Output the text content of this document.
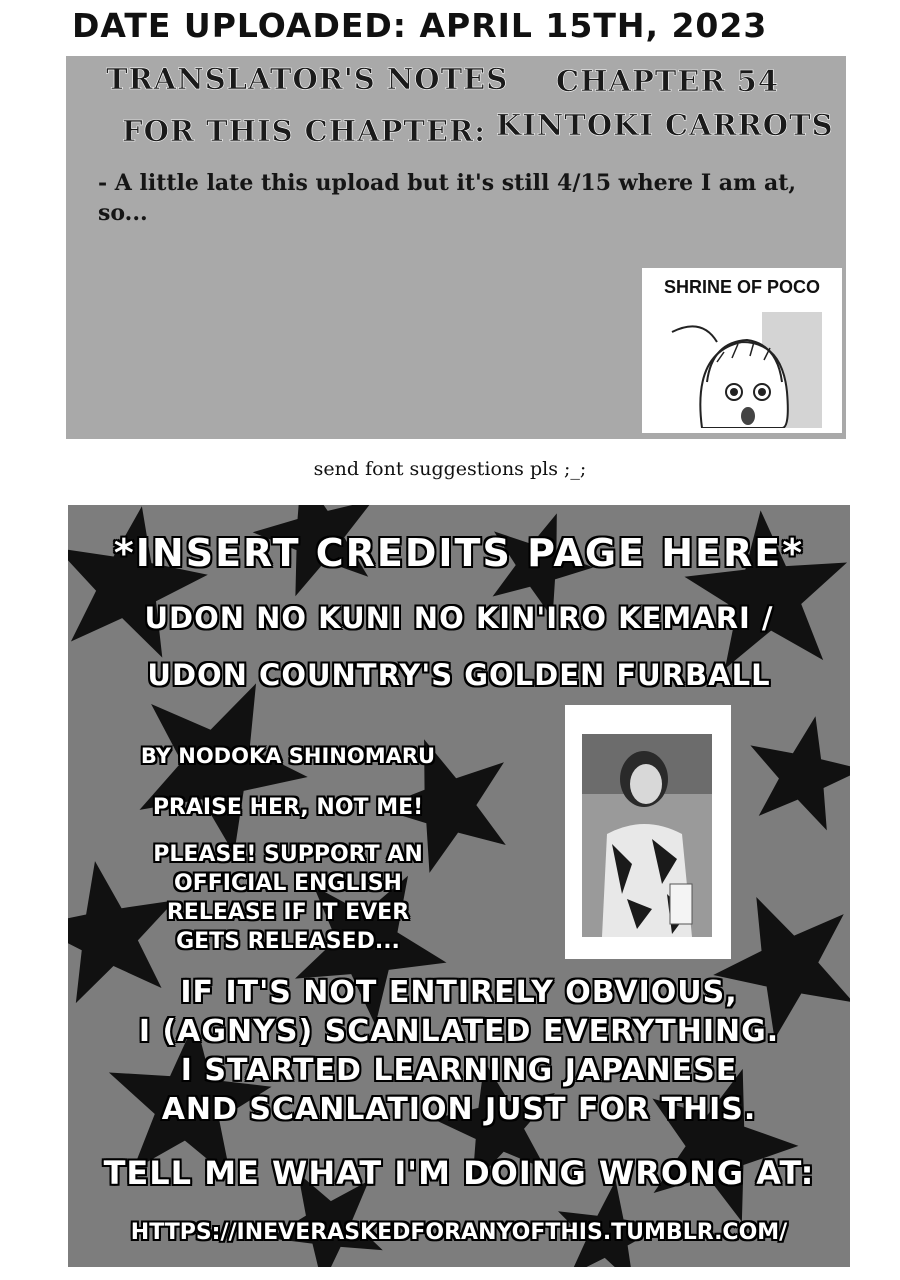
DATE UPLOADED: APRIL 15TH, 2023
TRANSLATOR'S NOTES
FOR THIS CHAPTER:
CHAPTER 54
KINTOKI CARROTS
- A little late this upload but it's still 4/15 where I am at, so...
SHRINE OF POCO
send font suggestions pls ;_;
*INSERT CREDITS PAGE HERE*
UDON NO KUNI NO KIN'IRO KEMARI /
UDON COUNTRY'S GOLDEN FURBALL
BY NODOKA SHINOMARU
PRAISE HER, NOT ME!
PLEASE! SUPPORT AN
OFFICIAL ENGLISH
RELEASE IF IT EVER
GETS RELEASED...
IF IT'S NOT ENTIRELY OBVIOUS,
I (AGNYS) SCANLATED EVERYTHING.
I STARTED LEARNING JAPANESE
AND SCANLATION JUST FOR THIS.
TELL ME WHAT I'M DOING WRONG AT:
HTTPS://INEVERASKEDFORANYOFTHIS.TUMBLR.COM/
